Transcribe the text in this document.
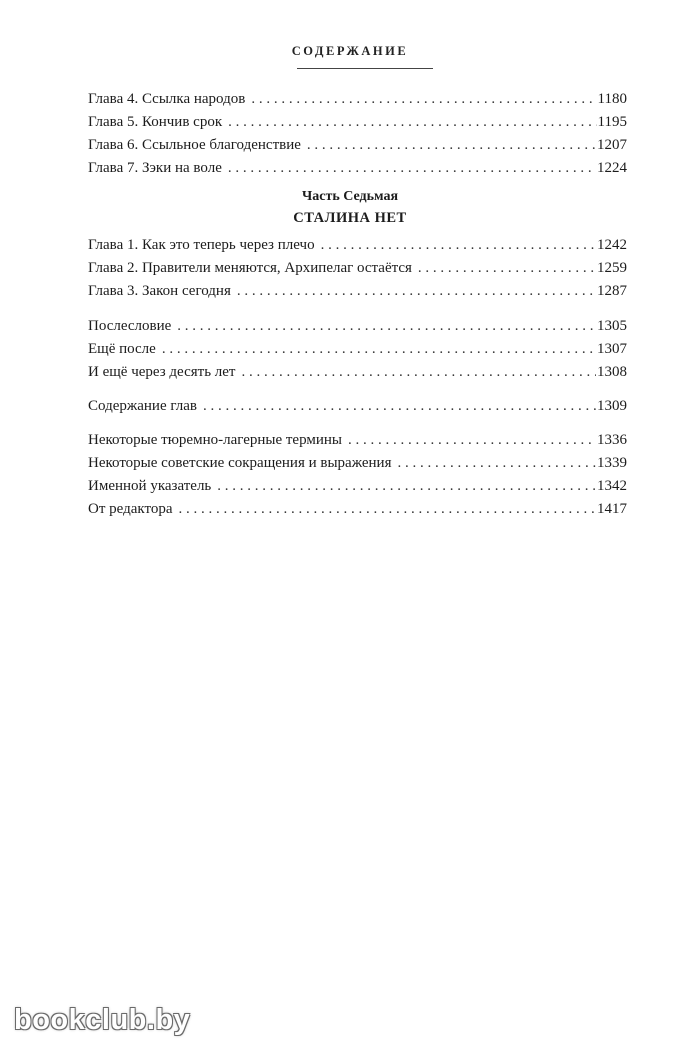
СОДЕРЖАНИЕ
Глава 4. Ссылка народов . . .	1180
Глава 5. Кончив срок . . .	1195
Глава 6. Ссыльное благоденствие . . .	1207
Глава 7. Зэки на воле . . .	1224
Часть Седьмая
СТАЛИНА НЕТ
Глава 1. Как это теперь через плечо . . .	1242
Глава 2. Правители меняются, Архипелаг остаётся . . .	1259
Глава 3. Закон сегодня . . .	1287
Послесловие . . .	1305
Ещё после . . .	1307
И ещё через десять лет . . .	1308
Содержание глав . . .	1309
Некоторые тюремно-лагерные термины . . .	1336
Некоторые советские сокращения и выражения . . .	1339
Именной указатель . . .	1342
От редактора . . .	1417
bookclub.by
